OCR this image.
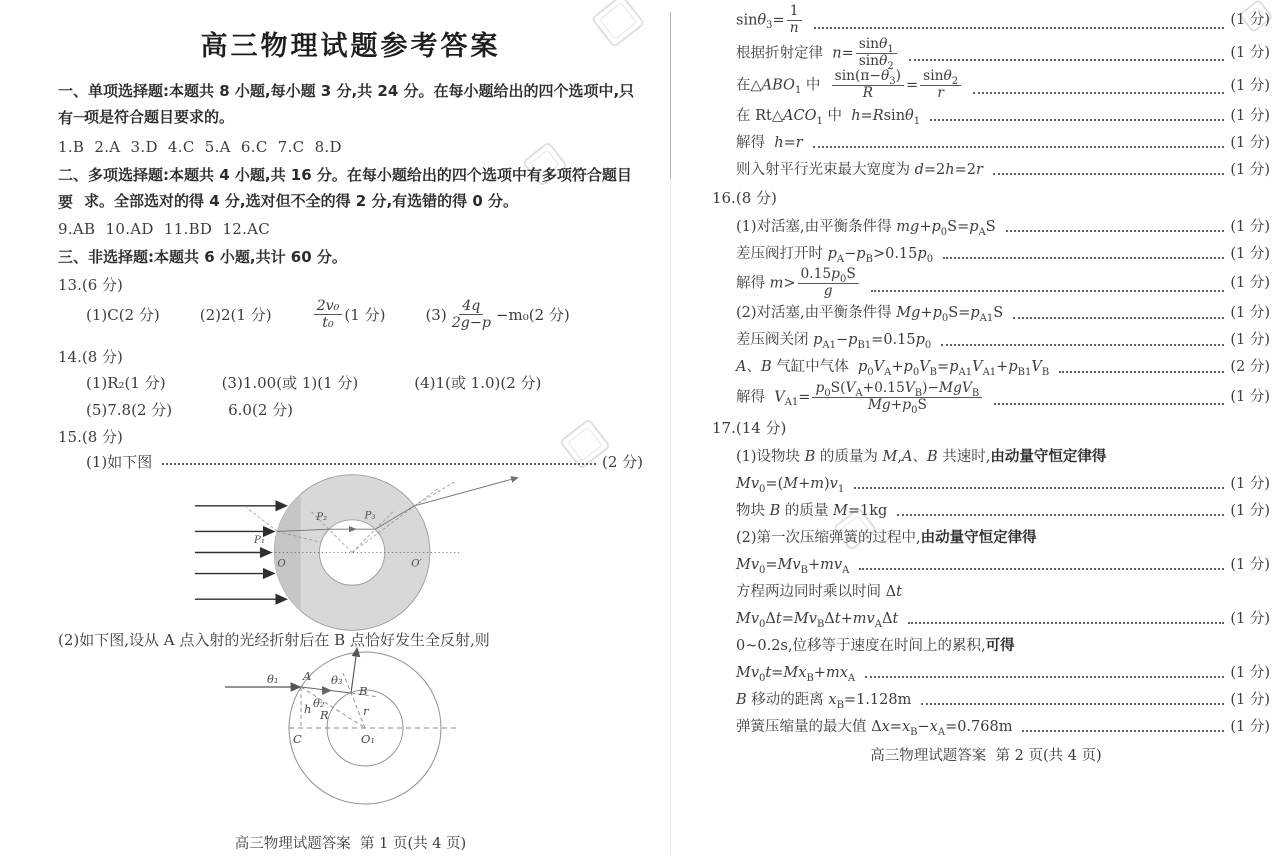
高三物理试题参考答案
一、单项选择题:本题共 8 小题,每小题 3 分,共 24 分。在每小题给出的四个选项中,只有一
项是符合题目要求的。
1.B  2.A  3.D  4.C  5.A  6.C  7.C  8.D
二、多项选择题:本题共 4 小题,共 16 分。在每小题给出的四个选项中有多项符合题目要 求。全部选对的得 4 分,选对但不全的得 2 分,有选错的得 0 分。
9.AB  10.AD  11.BD  12.AC
三、非选择题:本题共 6 小题,共计 60 分。
13.(6 分)
(1)C(2 分)	(2)2(1 分)	$\frac{\text{2v₀}}{\text{t₀}} (1$ 分)	$(3) \frac{4q}{2g-p} -m_0(2$ 分)
14.(8 分)
(1)R₂(1 分)	(3)1.00(或 1)(1 分)	(4)1(或 1.0)(2 分)
(5)7.8(2 分)	6.0(2 分)
15.(8 分)
(1)如下图	(2 分)
P₁
P₂	P₃
O	O′
(2)如下图,设从 A 点入射的光经折射后在 B 点恰好发生全反射,则
θ₁ A θ₃
θ₂
R
h	r
B
C	O₁
高三物理试题答案  第 1 页(共 4 页)
$\sin\theta_3= \frac{1}{n}$	(1 分)
根据折射定律  $n= \frac{\sin\theta_1}{\sin\theta_2}$	(1 分)
在$\triangle ABO_1$ 中 $\frac{\sin(\pi-\theta_3)}{R} = \frac{\sin\theta_2}{r}$	(1 分)
在 $Rt\triangle ACO_1$ 中  h=Rsinθ$_1$	(1 分)
解得  h=r	(1 分)
则入射平行光束最大宽度为 d=2h=2r	(1 分)
16.(8 分)
(1)对活塞,由平衡条件得 $mg+p_0S=p_AS$	(1 分)
差压阀打开时 $p_A-p_B>0.15p_0$	(1 分)
解得 $m> \frac{0.15p_0S}{g}$	(1 分)
(2)对活塞,由平衡条件得 $Mg+p_0S=p_{A1}S$	(1 分)
差压阀关闭 $p_{A1}-p_{B1}=0.15p_0$	(1 分)
A、B 气缸中气体  $p_0V_A+p_0V_B=p_{A1}V_{A1}+p_{B1}V_B$	(2 分)
解得  $V_{A1}= \frac{p_0S(V_A+0.15V_B)-MgV_B}{Mg+p_0S}$	(1 分)
17.(14 分)
(1)设物块 B 的质量为 M,A、B 共速时,由动量守恒定律得
$Mv_0=(M+m)v_1$	(1 分)
物块 B 的质量 M=1kg	(1 分)
(2)第一次压缩弹簧的过程中,由动量守恒定律得
$Mv_0=Mv_B+mv_A$	(1 分)
方程两边同时乘以时间 Δt
$Mv_0\Delta t=Mv_B\Delta t+mv_A\Delta t$	(1 分)
0~0.2s,位移等于速度在时间上的累积,可得
$Mv_0t=Mx_B+mx_A$	(1 分)
B 移动的距离 $x_B=1.128m$	(1 分)
弹簧压缩量的最大值 $\Delta x=x_B-x_A=0.768m$	(1 分)
高三物理试题答案  第 2 页(共 4 页)
